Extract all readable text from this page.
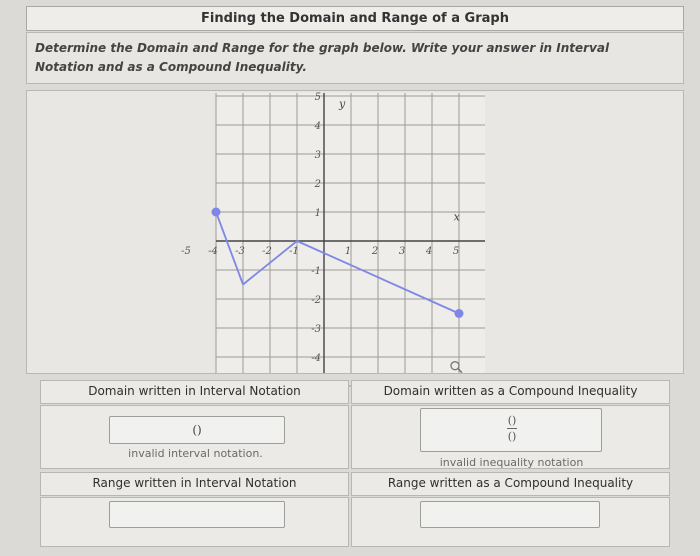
Finding the Domain and Range of a Graph
Determine the Domain and Range for the graph below. Write your answer in Interval Notation and as a Compound Inequality.
-5 -4 -3 -2 -1	1 2 3 4 5
5
4
3
2
1
-1
-2
-3
-4
x
y
Domain written in Interval Notation
()
invalid interval notation.
Domain written as a Compound Inequality
()
()
invalid inequality notation
Range written in Interval Notation	Range written as a Compound Inequality
